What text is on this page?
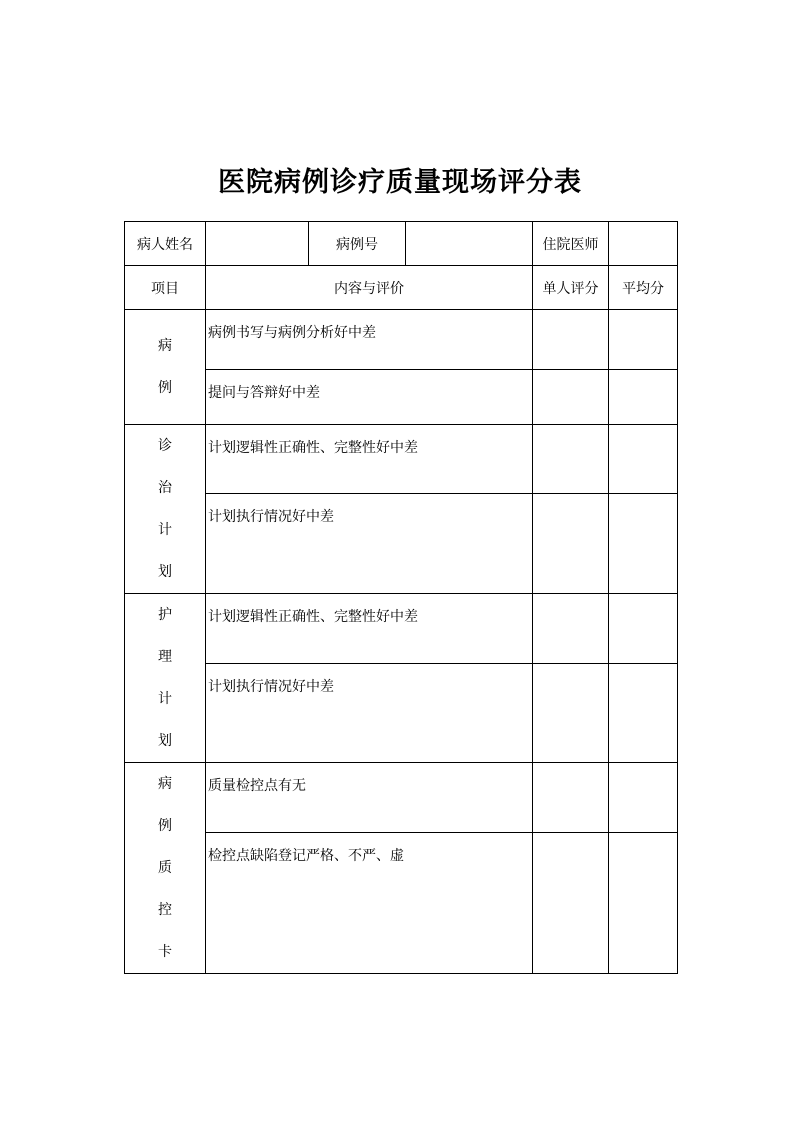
医院病例诊疗质量现场评分表
病人姓名		病例号		住院医师	
项目	内容与评价			单人评分	平均分

病
例	病例书写与病例分析好中差				
	提问与答辩好中差				

诊
治
计
划	计划逻辑性正确性、完整性好中差				
	计划执行情况好中差				

护
理
计
划	计划逻辑性正确性、完整性好中差				
	计划执行情况好中差				

病
例
质
控
卡	质量检控点有无				
	检控点缺陷登记严格、不严、虚				
